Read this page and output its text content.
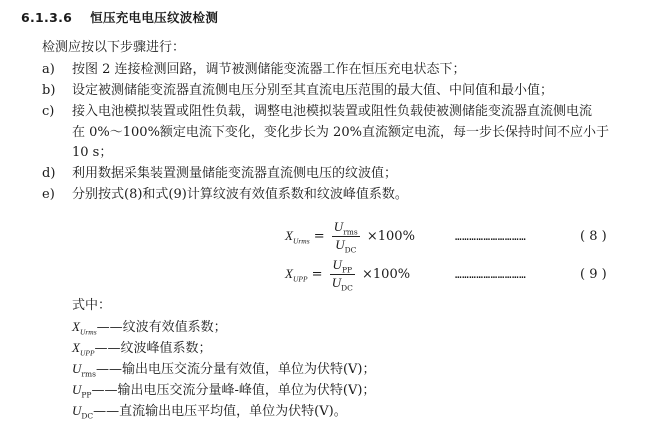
6.1.3.6 恒压充电电压纹波检测
检测应按以下步骤进行：
a) 按图 2 连接检测回路，调节被测储能变流器工作在恒压充电状态下；
b) 设定被测储能变流器直流侧电压分别至其直流电压范围的最大值、中间值和最小值；
c) 接入电池模拟装置或阻性负载，调整电池模拟装置或阻性负载使被测储能变流器直流侧电流
在 0%～100%额定电流下变化，变化步长为 20%直流额定电流，每一步长保持时间不应小于
10 s；
d) 利用数据采集装置测量储能变流器直流侧电压的纹波值；
e) 分别按式(8)和式(9)计算纹波有效值系数和纹波峰值系数。
$X_{Urms} = \frac{U_{rms}}{U_{DC}} \times 100\%$	…………………………	( 8 )
$X_{UPP} = \frac{U_{PP}}{U_{DC}} \times 100\%$	…………………………	( 9 )
式中：
$X_{Urms}——$纹波有效值系数；
$X_{UPP}——$纹波峰值系数；
$U_{rms}——$输出电压交流分量有效值，单位为伏特(V)；
$U_{PP}——$输出电压交流分量峰-峰值，单位为伏特(V)；
$U_{DC}——$直流输出电压平均值，单位为伏特(V)。
